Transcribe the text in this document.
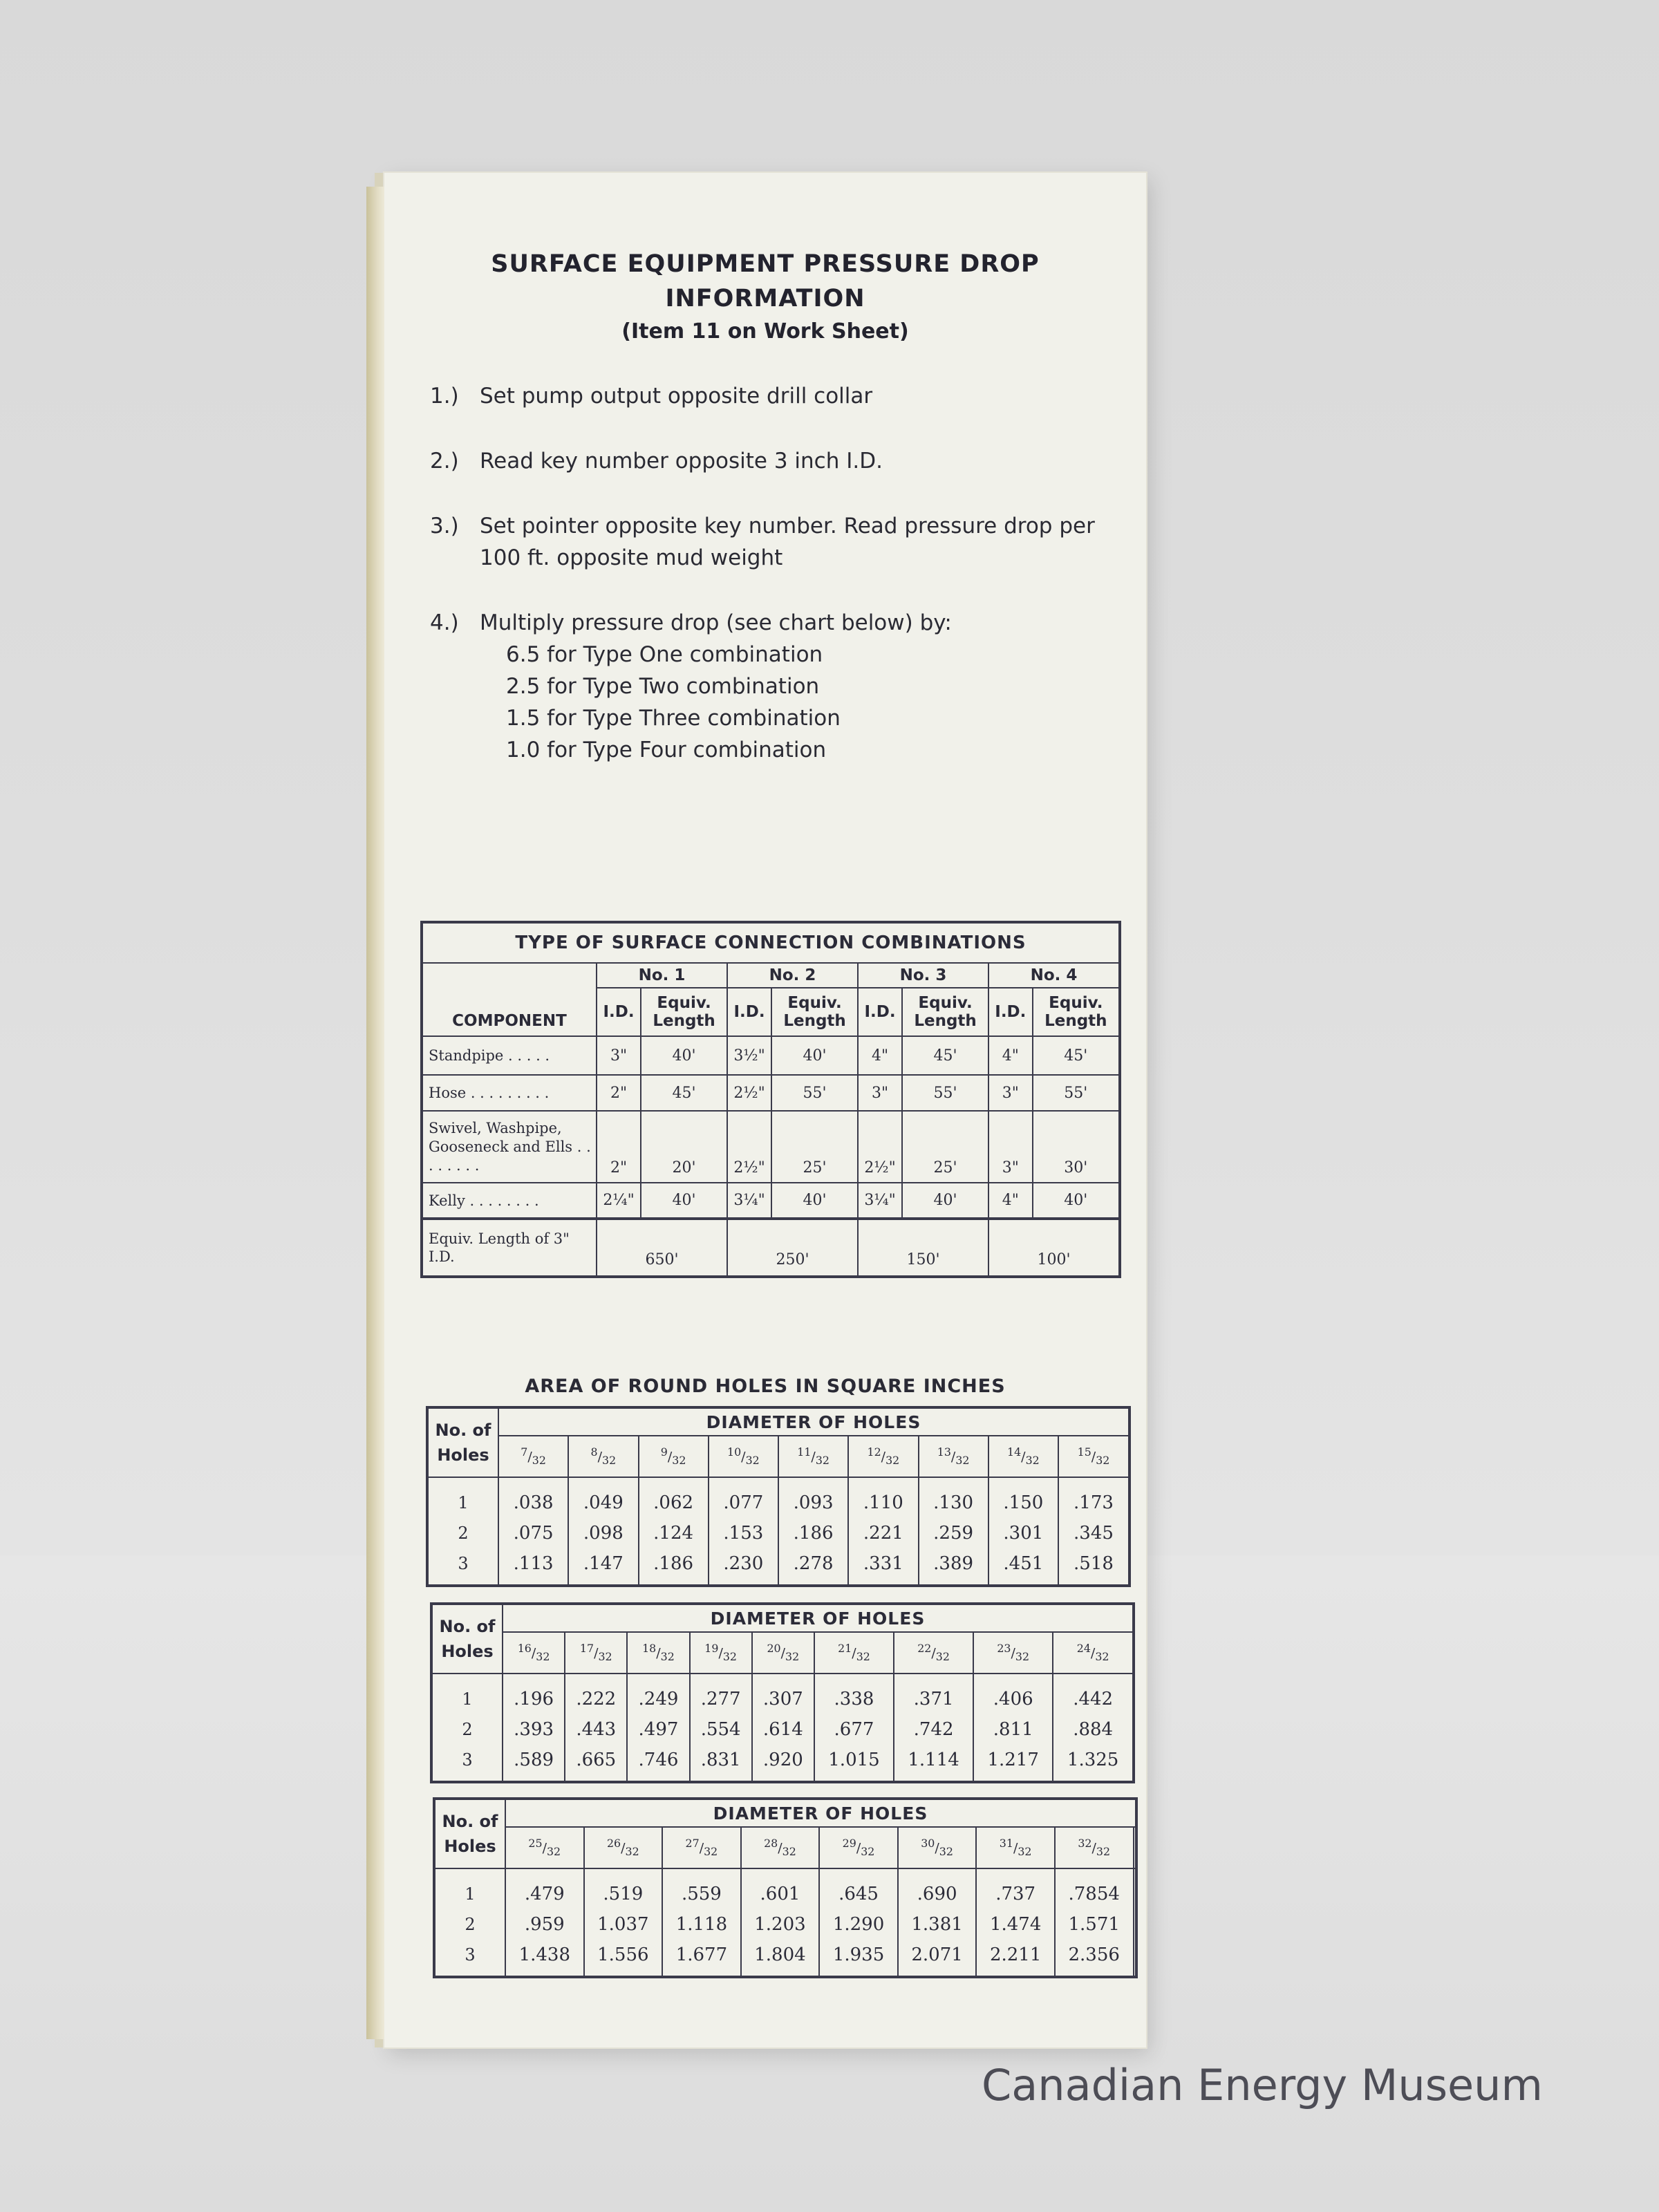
SURFACE EQUIPMENT PRESSURE DROP
INFORMATION
(Item 11 on Work Sheet)
1.) Set pump output opposite drill collar
2.) Read key number opposite 3 inch I.D.
3.) Set pointer opposite key number. Read pressure drop per 100 ft. opposite mud weight
4.) Multiply pressure drop (see chart below) by:
6.5 for Type One combination
2.5 for Type Two combination
1.5 for Type Three combination
1.0 for Type Four combination
TYPE OF SURFACE CONNECTION COMBINATIONS								
COMPONENT	No. 1		No. 2		No. 3		No. 4	
	I.D.	Equiv.
Length	I.D.	Equiv.
Length	I.D.	Equiv.
Length	I.D.	Equiv.
Length
Standpipe . . . . .	3"	40'	3½"	40'	4"	45'	4"	45'
Hose . . . . . . . . .	2"	45'	2½"	55'	3"	55'	3"	55'
Swivel, Washpipe, Gooseneck and Ells . . . . . . . .	2"	20'	2½"	25'	2½"	25'	3"	30'
Kelly . . . . . . . .	2¼"	40'	3¼"	40'	3¼"	40'	4"	40'
Equiv. Length of 3" I.D.	650'		250'		150'		100'	
AREA OF ROUND HOLES IN SQUARE INCHES
No. of
Holes	DIAMETER OF HOLES								
	$^7/_{32}$	$^8/_{32}$	$^9/_{32}$	$^{10}/_{32}$	$^{11}/_{32}$	$^{12}/_{32}$	$^{13}/_{32}$	$^{14}/_{32}$	$^{15}/_{32}$
1	.038	.049	.062	.077	.093	.110	.130	.150	.173
2	.075	.098	.124	.153	.186	.221	.259	.301	.345
3	.113	.147	.186	.230	.278	.331	.389	.451	.518
No. of
Holes	DIAMETER OF HOLES								
	$^{16}/_{32}$	$^{17}/_{32}$	$^{18}/_{32}$	$^{19}/_{32}$	$^{20}/_{32}$	$^{21}/_{32}$	$^{22}/_{32}$	$^{23}/_{32}$	$^{24}/_{32}$
1	.196	.222	.249	.277	.307	.338	.371	.406	.442
2	.393	.443	.497	.554	.614	.677	.742	.811	.884
3	.589	.665	.746	.831	.920	1.015	1.114	1.217	1.325
No. of
Holes	DIAMETER OF HOLES								
	$^{25}/_{32}$	$^{26}/_{32}$	$^{27}/_{32}$	$^{28}/_{32}$	$^{29}/_{32}$	$^{30}/_{32}$	$^{31}/_{32}$	$^{32}/_{32}$	
1	.479	.519	.559	.601	.645	.690	.737	.7854	
2	.959	1.037	1.118	1.203	1.290	1.381	1.474	1.571	
3	1.438	1.556	1.677	1.804	1.935	2.071	2.211	2.356	
Canadian Energy Museum
